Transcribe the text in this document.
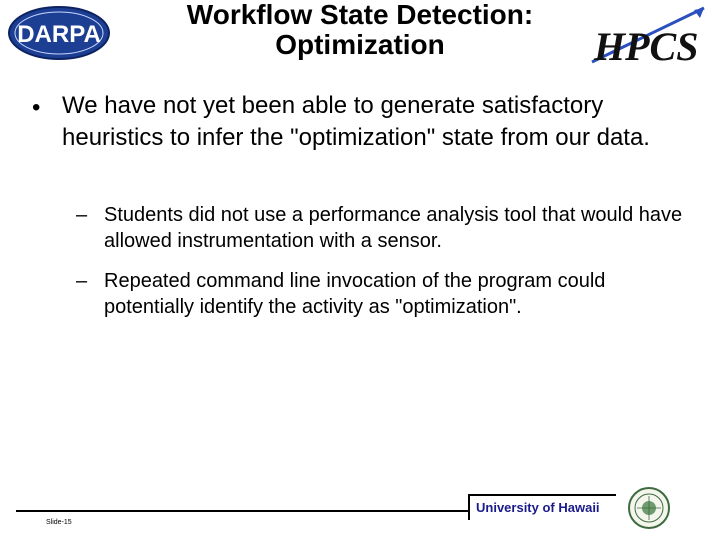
DARPA
Workflow State Detection:
Optimization	HPCS
• We have not yet been able to generate satisfactory heuristics to infer the "optimization" state from our data.
– Students did not use a performance analysis tool that would have allowed instrumentation with a sensor.
– Repeated command line invocation of the program could potentially identify the activity as "optimization".
University of Hawaii
Slide-15
